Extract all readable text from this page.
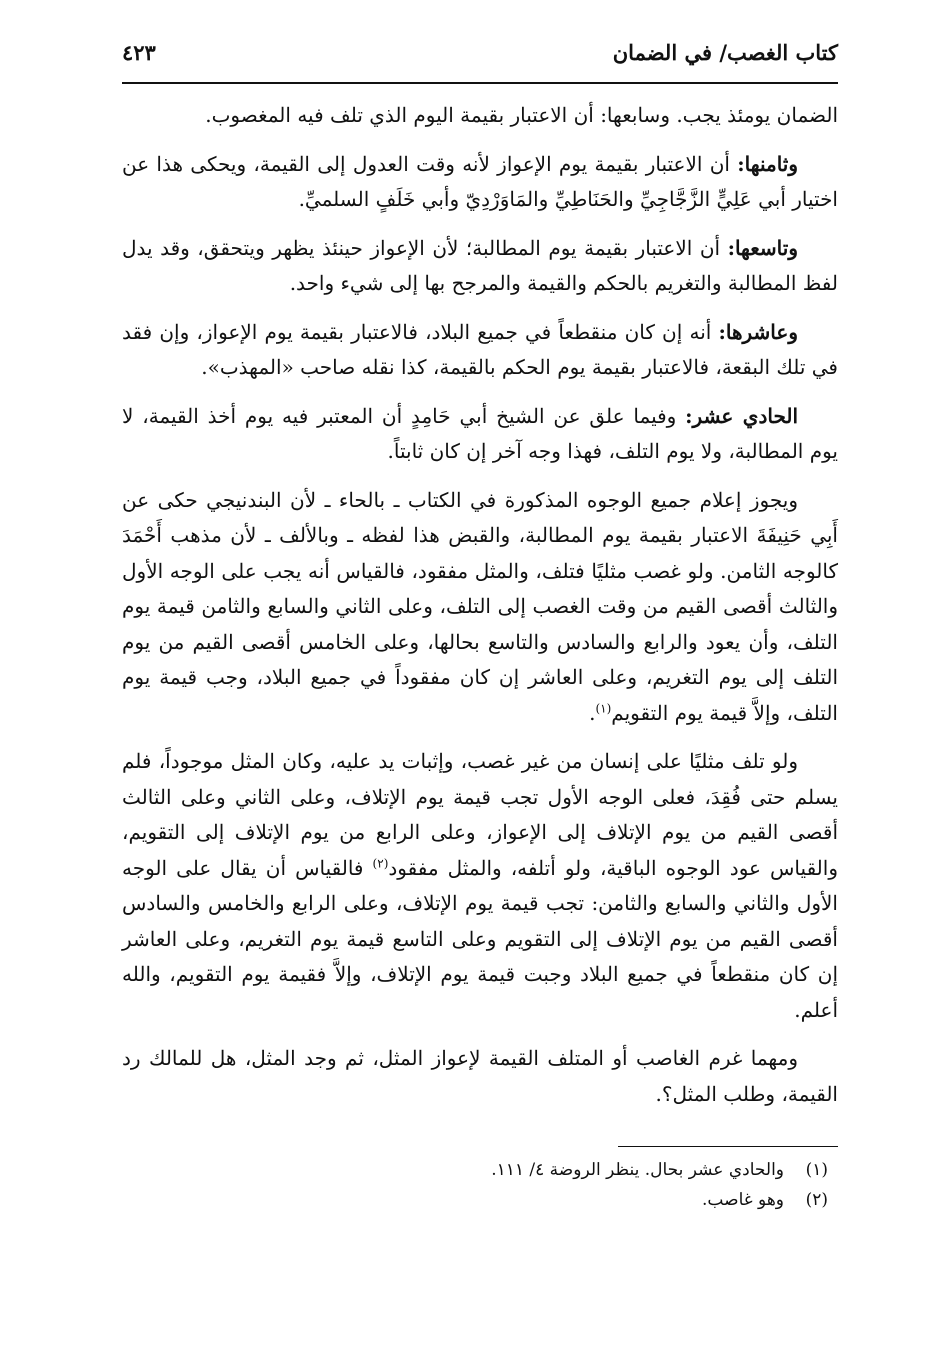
كتاب الغصب/ في الضمان
٤٢٣

الضمان يومئذ يجب. وسابعها: أن الاعتبار بقيمة اليوم الذي تلف فيه المغصوب.

وثامنها: أن الاعتبار بقيمة يوم الإعواز لأنه وقت العدول إلى القيمة، ويحكى هذا عن اختيار أبي عَلِيٍّ الزَّجَّاجِيِّ والحَنَاطِيِّ والمَاوَرْدِيّ وأبي خَلَفٍ السلميِّ.

وتاسعها: أن الاعتبار بقيمة يوم المطالبة؛ لأن الإعواز حينئذ يظهر ويتحقق، وقد يدل لفظ المطالبة والتغريم بالحكم والقيمة والمرجح بها إلى شيء واحد.

وعاشرها: أنه إن كان منقطعاً في جميع البلاد، فالاعتبار بقيمة يوم الإعواز، وإن فقد في تلك البقعة، فالاعتبار بقيمة يوم الحكم بالقيمة، كذا نقله صاحب «المهذب».

الحادي عشر: وفيما علق عن الشيخ أبي حَامِدٍ أن المعتبر فيه يوم أخذ القيمة، لا يوم المطالبة، ولا يوم التلف، فهذا وجه آخر إن كان ثابتاً.

ويجوز إعلام جميع الوجوه المذكورة في الكتاب ـ بالحاء ـ لأن البندنيجي حكى عن أَبِي حَنِيفَةَ الاعتبار بقيمة يوم المطالبة، والقبض هذا لفظه ـ وبالألف ـ لأن مذهب أَحْمَدَ كالوجه الثامن. ولو غصب مثليًا فتلف، والمثل مفقود، فالقياس أنه يجب على الوجه الأول والثالث أقصى القيم من وقت الغصب إلى التلف، وعلى الثاني والسابع والثامن قيمة يوم التلف، وأن يعود والرابع والسادس والتاسع بحالها، وعلى الخامس أقصى القيم من يوم التلف إلى يوم التغريم، وعلى العاشر إن كان مفقوداً في جميع البلاد، وجب قيمة يوم التلف، وإلاَّ قيمة يوم التقويم$^{(١)}$.

ولو تلف مثليًا على إنسان من غير غصب، وإثبات يد عليه، وكان المثل موجوداً، فلم يسلم حتى فُقِدَ، فعلى الوجه الأول تجب قيمة يوم الإتلاف، وعلى الثاني وعلى الثالث أقصى القيم من يوم الإتلاف إلى الإعواز، وعلى الرابع من يوم الإتلاف إلى التقويم، والقياس عود الوجوه الباقية، ولو أتلفه، والمثل مفقود$^{(٢)}$ فالقياس أن يقال على الوجه الأول والثاني والسابع والثامن: تجب قيمة يوم الإتلاف، وعلى الرابع والخامس والسادس أقصى القيم من يوم الإتلاف إلى التقويم وعلى التاسع قيمة يوم التغريم، وعلى العاشر إن كان منقطعاً في جميع البلاد وجبت قيمة يوم الإتلاف، وإلاَّ فقيمة يوم التقويم، والله أعلم.

ومهما غرم الغاصب أو المتلف القيمة لإعواز المثل، ثم وجد المثل، هل للمالك رد القيمة، وطلب المثل؟.

(١)
والحادي عشر بحال. ينظر الروضة ٤/ ١١١.
(٢)
وهو غاصب.
